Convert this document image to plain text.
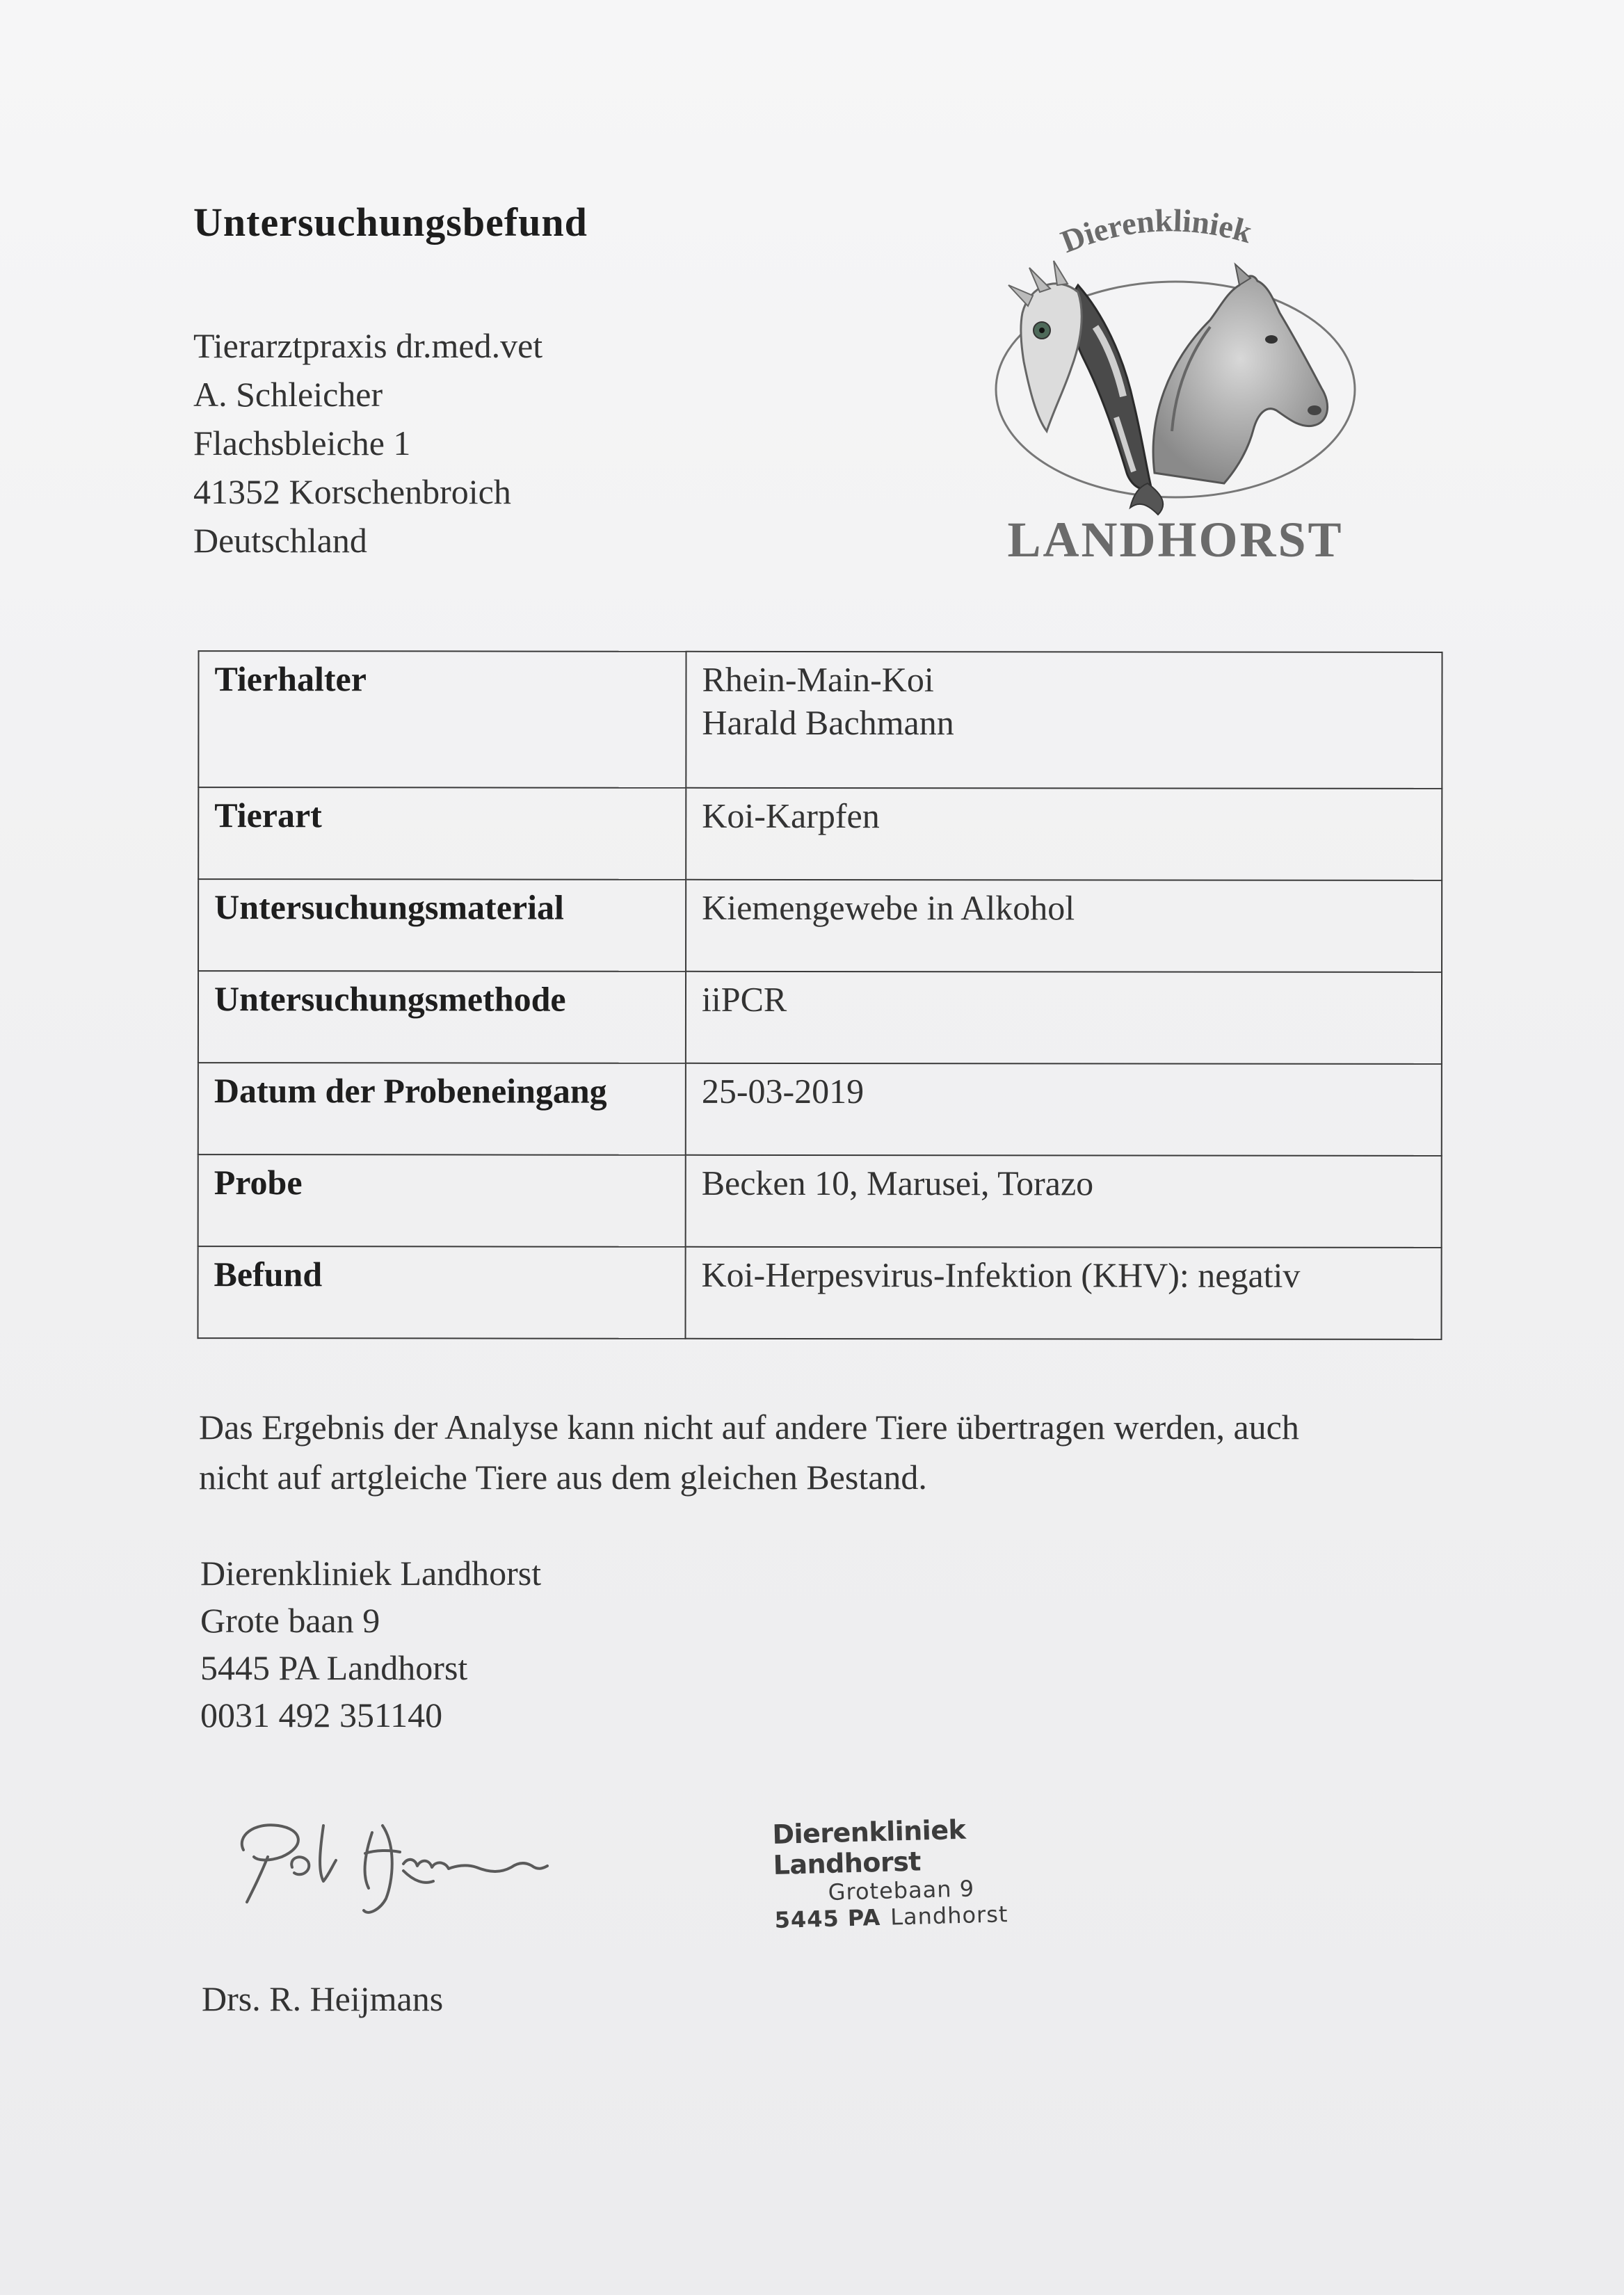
Untersuchungsbefund
Tierarztpraxis dr.med.vet
A. Schleicher
Flachsbleiche 1
41352 Korschenbroich
Deutschland
Dierenkliniek
LANDHORST
Tierhalter	Rhein-Main-Koi
Harald Bachmann

Tierart	Koi-Karpfen
Untersuchungsmaterial	Kiemengewebe in Alkohol
Untersuchungsmethode	iiPCR
Datum der Probeneingang	25-03-2019
Probe	Becken 10, Marusei, Torazo
Befund	Koi-Herpesvirus-Infektion (KHV): negativ
Das Ergebnis der Analyse kann nicht auf andere Tiere übertragen werden, auch
nicht auf artgleiche Tiere aus dem gleichen Bestand.
Dierenkliniek Landhorst
Grote baan 9
5445 PA Landhorst
0031 492 351140
Rob Heijmans
Dierenkliniek Landhorst
Grotebaan 9
5445 PA Landhorst
Drs. R. Heijmans
